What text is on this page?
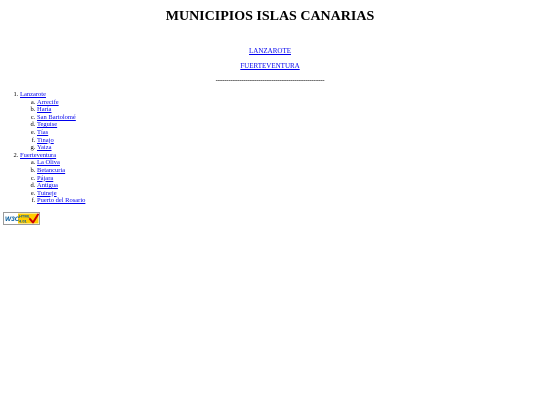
MUNICIPIOS ISLAS CANARIAS
LANZAROTE
FUERTEVENTURA
---------------------------------------------------
1. Lanzarote
a. Arrecife
b. Haría
c. San Bartolomé
d. Teguise
e. Tías
f. Tinajo
g. Yaiza
2. Fuerteventura
a. La Oliva
b. Betancuria
c. Pájara
d. Antigua
e. Tuineje
f. Puerto del Rosario
W3C HTML
4.01
